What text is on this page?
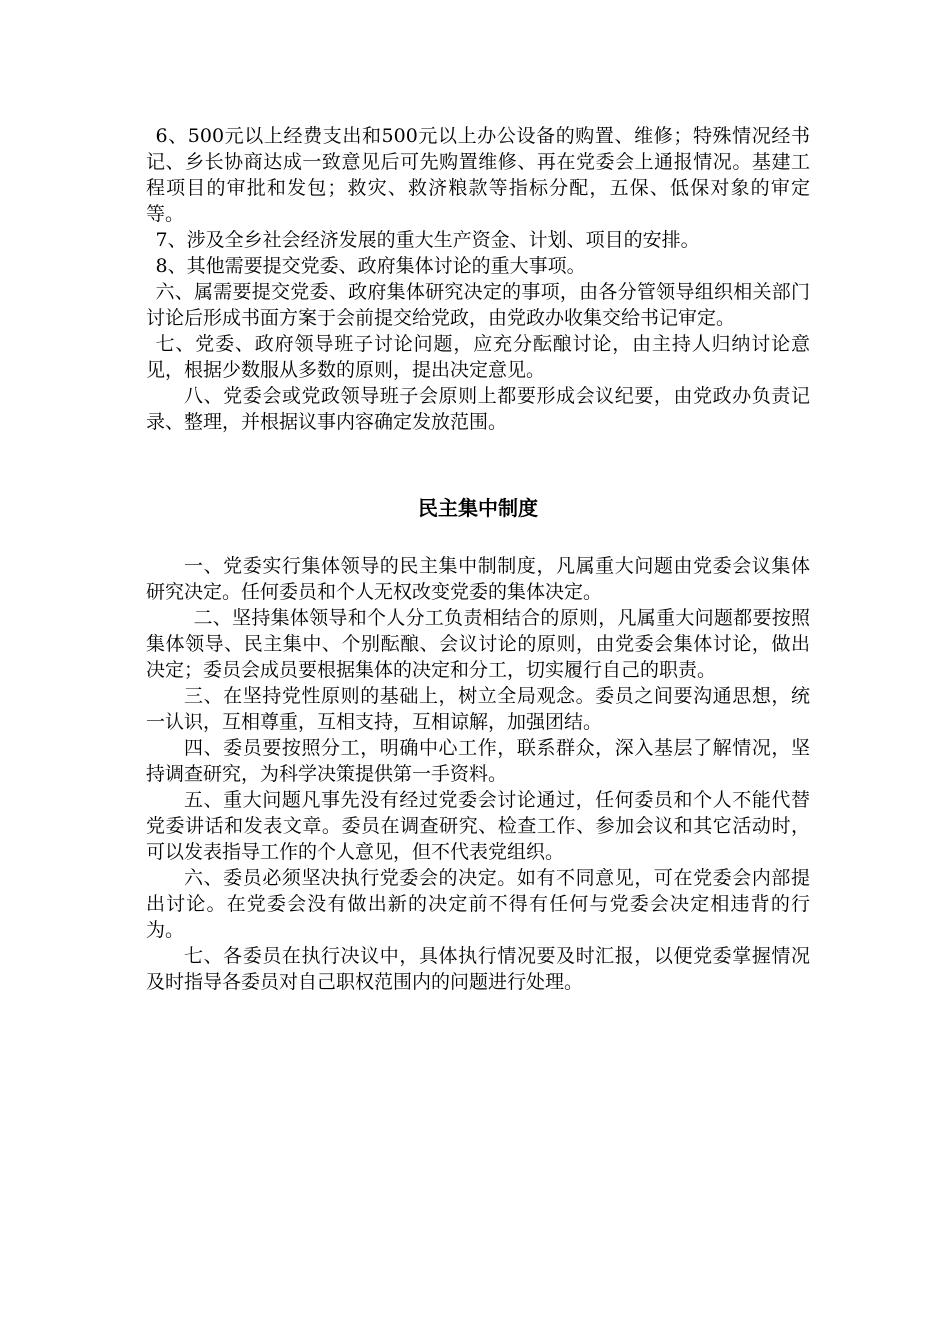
6、500元以上经费支出和500元以上办公设备的购置、维修；特殊情况经书记、乡长协商达成一致意见后可先购置维修、再在党委会上通报情况。基建工程项目的审批和发包；救灾、救济粮款等指标分配，五保、低保对象的审定等。

7、涉及全乡社会经济发展的重大生产资金、计划、项目的安排。

8、其他需要提交党委、政府集体讨论的重大事项。

六、属需要提交党委、政府集体研究决定的事项，由各分管领导组织相关部门讨论后形成书面方案于会前提交给党政，由党政办收集交给书记审定。

七、党委、政府领导班子讨论问题，应充分酝酿讨论，由主持人归纳讨论意见，根据少数服从多数的原则，提出决定意见。

八、党委会或党政领导班子会原则上都要形成会议纪要，由党政办负责记录、整理，并根据议事内容确定发放范围。

民主集中制度

一、党委实行集体领导的民主集中制制度，凡属重大问题由党委会议集体研究决定。任何委员和个人无权改变党委的集体决定。

二、坚持集体领导和个人分工负责相结合的原则，凡属重大问题都要按照集体领导、民主集中、个别酝酿、会议讨论的原则，由党委会集体讨论，做出决定；委员会成员要根据集体的决定和分工，切实履行自己的职责。

三、在坚持党性原则的基础上，树立全局观念。委员之间要沟通思想，统一认识，互相尊重，互相支持，互相谅解，加强团结。

四、委员要按照分工，明确中心工作，联系群众，深入基层了解情况，坚持调查研究，为科学决策提供第一手资料。

五、重大问题凡事先没有经过党委会讨论通过，任何委员和个人不能代替党委讲话和发表文章。委员在调查研究、检查工作、参加会议和其它活动时，可以发表指导工作的个人意见，但不代表党组织。

六、委员必须坚决执行党委会的决定。如有不同意见，可在党委会内部提出讨论。在党委会没有做出新的决定前不得有任何与党委会决定相违背的行为。

七、各委员在执行决议中，具体执行情况要及时汇报，以便党委掌握情况及时指导各委员对自己职权范围内的问题进行处理。
